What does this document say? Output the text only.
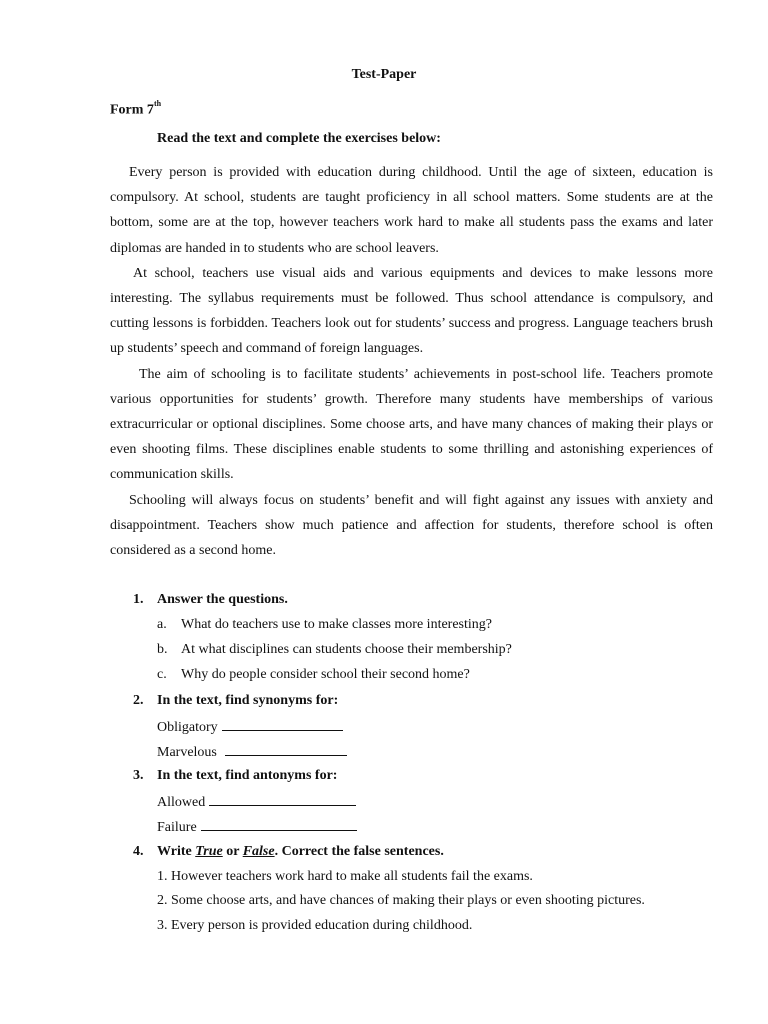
Test-Paper
Form 7th
Read the text and complete the exercises below:

Every person is provided with education during childhood. Until the age of sixteen, education is compulsory. At school, students are taught proficiency in all school matters. Some students are at the bottom, some are at the top, however teachers work hard to make all students pass the exams and later diplomas are handed in to students who are school leavers.

At school, teachers use visual aids and various equipments and devices to make lessons more interesting. The syllabus requirements must be followed. Thus school attendance is compulsory, and cutting lessons is forbidden. Teachers look out for students’ success and progress. Language teachers brush up students’ speech and command of foreign languages.

The aim of schooling is to facilitate students’ achievements in post-school life. Teachers promote various opportunities for students’ growth. Therefore many students have memberships of various extracurricular or optional disciplines. Some choose arts, and have many chances of making their plays or even shooting films. These disciplines enable students to some thrilling and astonishing experiences of communication skills.

Schooling will always focus on students’ benefit and will fight against any issues with anxiety and disappointment. Teachers show much patience and affection for students, therefore school is often considered as a second home.

1. Answer the questions.
a. What do teachers use to make classes more interesting?
b. At what disciplines can students choose their membership?
c. Why do people consider school their second home?
2. In the text, find synonyms for:
Obligatory
Marvelous
3. In the text, find antonyms for:
Allowed
Failure
4. Write True or False. Correct the false sentences.
1. However teachers work hard to make all students fail the exams.
2. Some choose arts, and have chances of making their plays or even shooting pictures.
3. Every person is provided education during childhood.
